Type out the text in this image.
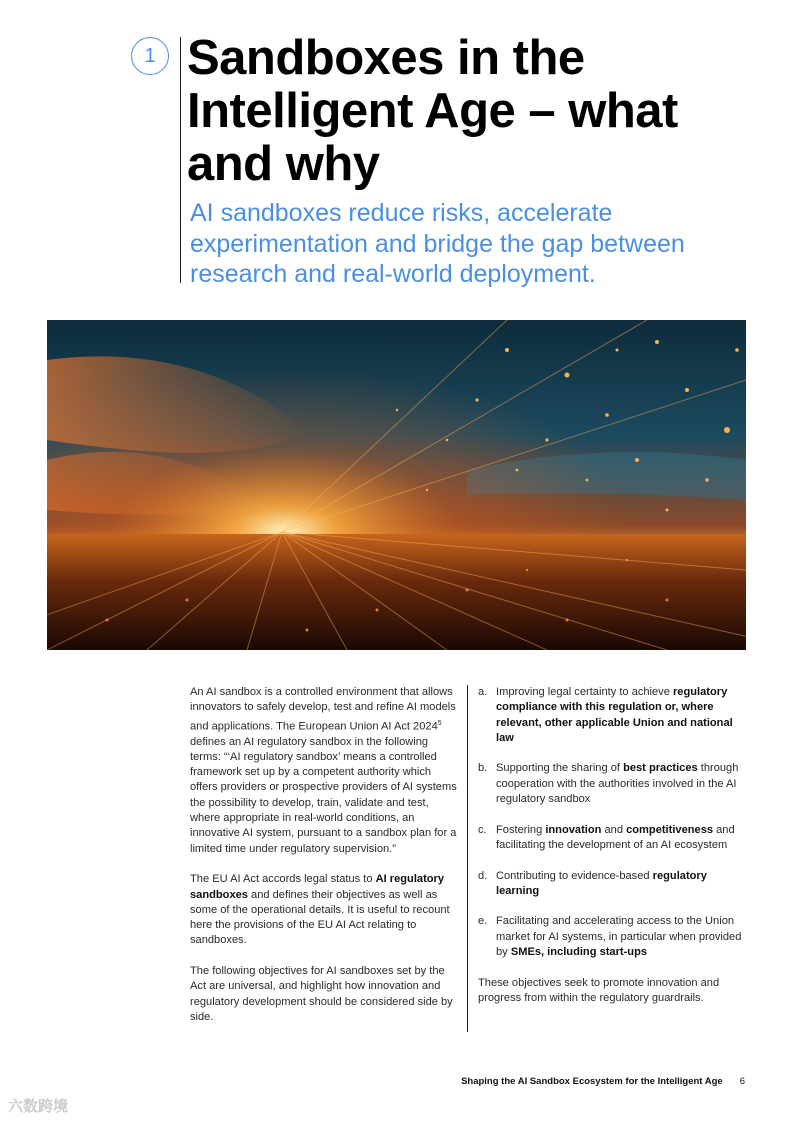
1 Sandboxes in the Intelligent Age – what and why

AI sandboxes reduce risks, accelerate experimentation and bridge the gap between research and real-world deployment.

An AI sandbox is a controlled environment that allows innovators to safely develop, test and refine AI models and applications. The European Union AI Act 2024$^5$ defines an AI regulatory sandbox in the following terms: “‘AI regulatory sandbox’ means a controlled framework set up by a competent authority which offers providers or prospective providers of AI systems the possibility to develop, train, validate and test, where appropriate in real-world conditions, an innovative AI system, pursuant to a sandbox plan for a limited time under regulatory supervision.”

The EU AI Act accords legal status to AI regulatory sandboxes and defines their objectives as well as some of the operational details. It is useful to recount here the provisions of the EU AI Act relating to sandboxes.

The following objectives for AI sandboxes set by the Act are universal, and highlight how innovation and regulatory development should be considered side by side.

a. Improving legal certainty to achieve regulatory compliance with this regulation or, where relevant, other applicable Union and national law
b. Supporting the sharing of best practices through cooperation with the authorities involved in the AI regulatory sandbox
c. Fostering innovation and competitiveness and facilitating the development of an AI ecosystem
d. Contributing to evidence-based regulatory learning
e. Facilitating and accelerating access to the Union market for AI systems, in particular when provided by SMEs, including start-ups

These objectives seek to promote innovation and progress from within the regulatory guardrails.

Shaping the AI Sandbox Ecosystem for the Intelligent Age 6
六数跨境
